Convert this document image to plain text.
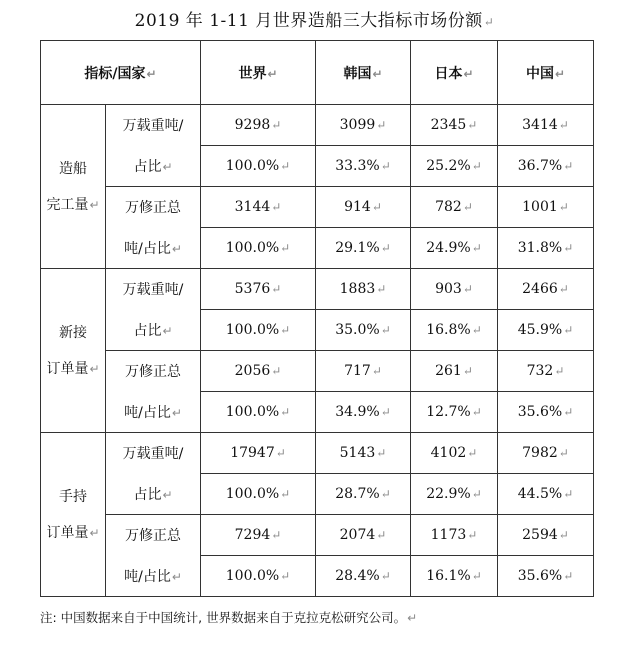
2019 年 1-11 月世界造船三大指标市场份额↵
指标/国家↵		世界↵	韩国↵	日本↵	中国↵
造船
完工量↵	万载重吨/	9298↵	3099↵	2345↵	3414↵
	占比↵	100.0%↵	33.3%↵	25.2%↵	36.7%↵
	万修正总	3144↵	914↵	782↵	1001↵
	吨/占比↵	100.0%↵	29.1%↵	24.9%↵	31.8%↵
新接
订单量↵	万载重吨/	5376↵	1883↵	903↵	2466↵
	占比↵	100.0%↵	35.0%↵	16.8%↵	45.9%↵
	万修正总	2056↵	717↵	261↵	732↵
	吨/占比↵	100.0%↵	34.9%↵	12.7%↵	35.6%↵
手持
订单量↵	万载重吨/	17947↵	5143↵	4102↵	7982↵
	占比↵	100.0%↵	28.7%↵	22.9%↵	44.5%↵
	万修正总	7294↵	2074↵	1173↵	2594↵
	吨/占比↵	100.0%↵	28.4%↵	16.1%↵	35.6%↵
注: 中国数据来自于中国统计, 世界数据来自于克拉克松研究公司。↵
